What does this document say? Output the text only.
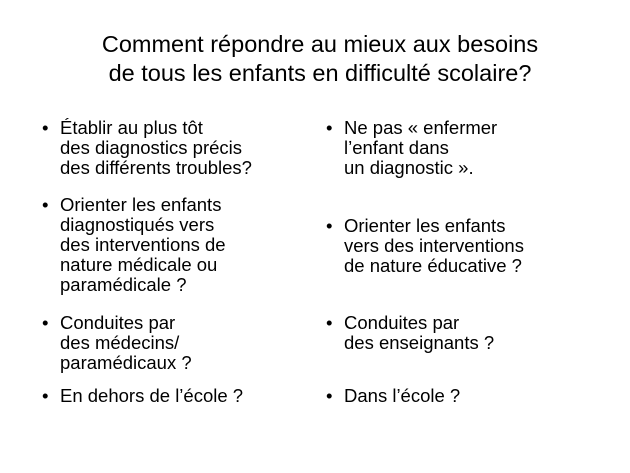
Comment répondre au mieux aux besoins
de tous les enfants en difficulté scolaire?
• Établir au plus tôt
des diagnostics précis
des différents troubles?
• Orienter les enfants
diagnostiqués vers
des interventions de
nature médicale ou
paramédicale ?
• Conduites par
des médecins/
paramédicaux ?
• En dehors de l’école ?
• Ne pas « enfermer
l’enfant dans
un diagnostic ».
• Orienter les enfants
vers des interventions
de nature éducative ?
• Conduites par
des enseignants ?
• Dans l’école ?
